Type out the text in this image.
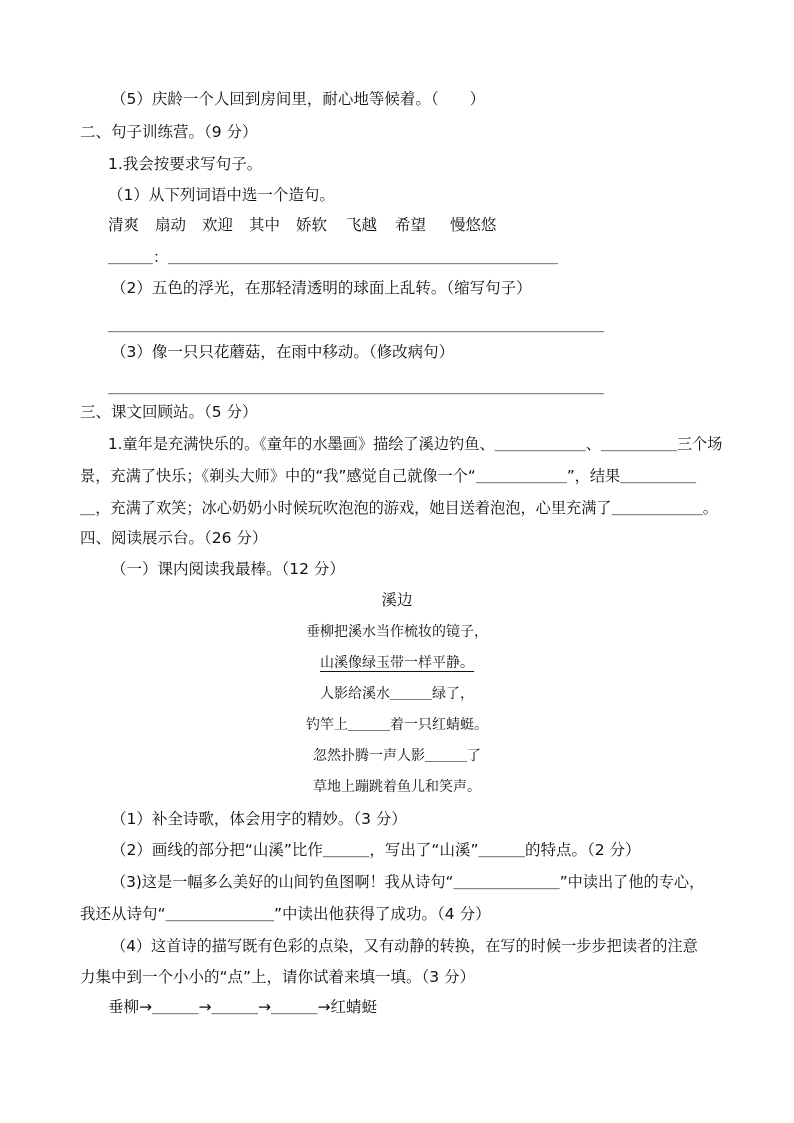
（5）庆龄一个人回到房间里，耐心地等候着。（　　）
二、句子训练营。（9 分）
1.我会按要求写句子。
（1）从下列词语中选一个造句。
清爽 扇动 欢迎 其中 娇软 飞越 希望 慢悠悠
＿＿＿：＿＿＿＿＿＿＿＿＿＿＿＿＿＿＿＿＿＿＿＿＿＿＿＿＿＿
（2）五色的浮光，在那轻清透明的球面上乱转。（缩写句子）
＿＿＿＿＿＿＿＿＿＿＿＿＿＿＿＿＿＿＿＿＿＿＿＿＿＿＿＿＿＿＿＿
（3）像一只只花蘑菇，在雨中移动。（修改病句）
＿＿＿＿＿＿＿＿＿＿＿＿＿＿＿＿＿＿＿＿＿＿＿＿＿＿＿＿＿＿＿＿
三、课文回顾站。（5 分）
1.童年是充满快乐的。《童年的水墨画》描绘了溪边钓鱼、＿＿＿＿＿＿、＿＿＿＿＿三个场
景，充满了快乐；《剃头大师》中的“我”感觉自己就像一个“＿＿＿＿＿＿”，结果＿＿＿＿＿
＿，充满了欢笑；冰心奶奶小时候玩吹泡泡的游戏，她目送着泡泡，心里充满了＿＿＿＿＿＿。
四、阅读展示台。（26 分）
（一）课内阅读我最棒。（12 分）
溪边
垂柳把溪水当作梳妆的镜子，
山溪像绿玉带一样平静。
人影给溪水＿＿＿绿了，
钓竿上＿＿＿着一只红蜻蜓。
忽然扑腾一声人影＿＿＿了
草地上蹦跳着鱼儿和笑声。
（1）补全诗歌，体会用字的精妙。（3 分）
（2）画线的部分把“山溪”比作＿＿＿，写出了“山溪”＿＿＿的特点。（2 分）
（3)这是一幅多么美好的山间钓鱼图啊！我从诗句“＿＿＿＿＿＿＿”中读出了他的专心，
我还从诗句“＿＿＿＿＿＿＿”中读出他获得了成功。（4 分）
（4）这首诗的描写既有色彩的点染，又有动静的转换，在写的时候一步步把读者的注意
力集中到一个小小的“点”上，请你试着来填一填。（3 分）
垂柳→＿＿＿→＿＿＿→＿＿＿→红蜻蜓
